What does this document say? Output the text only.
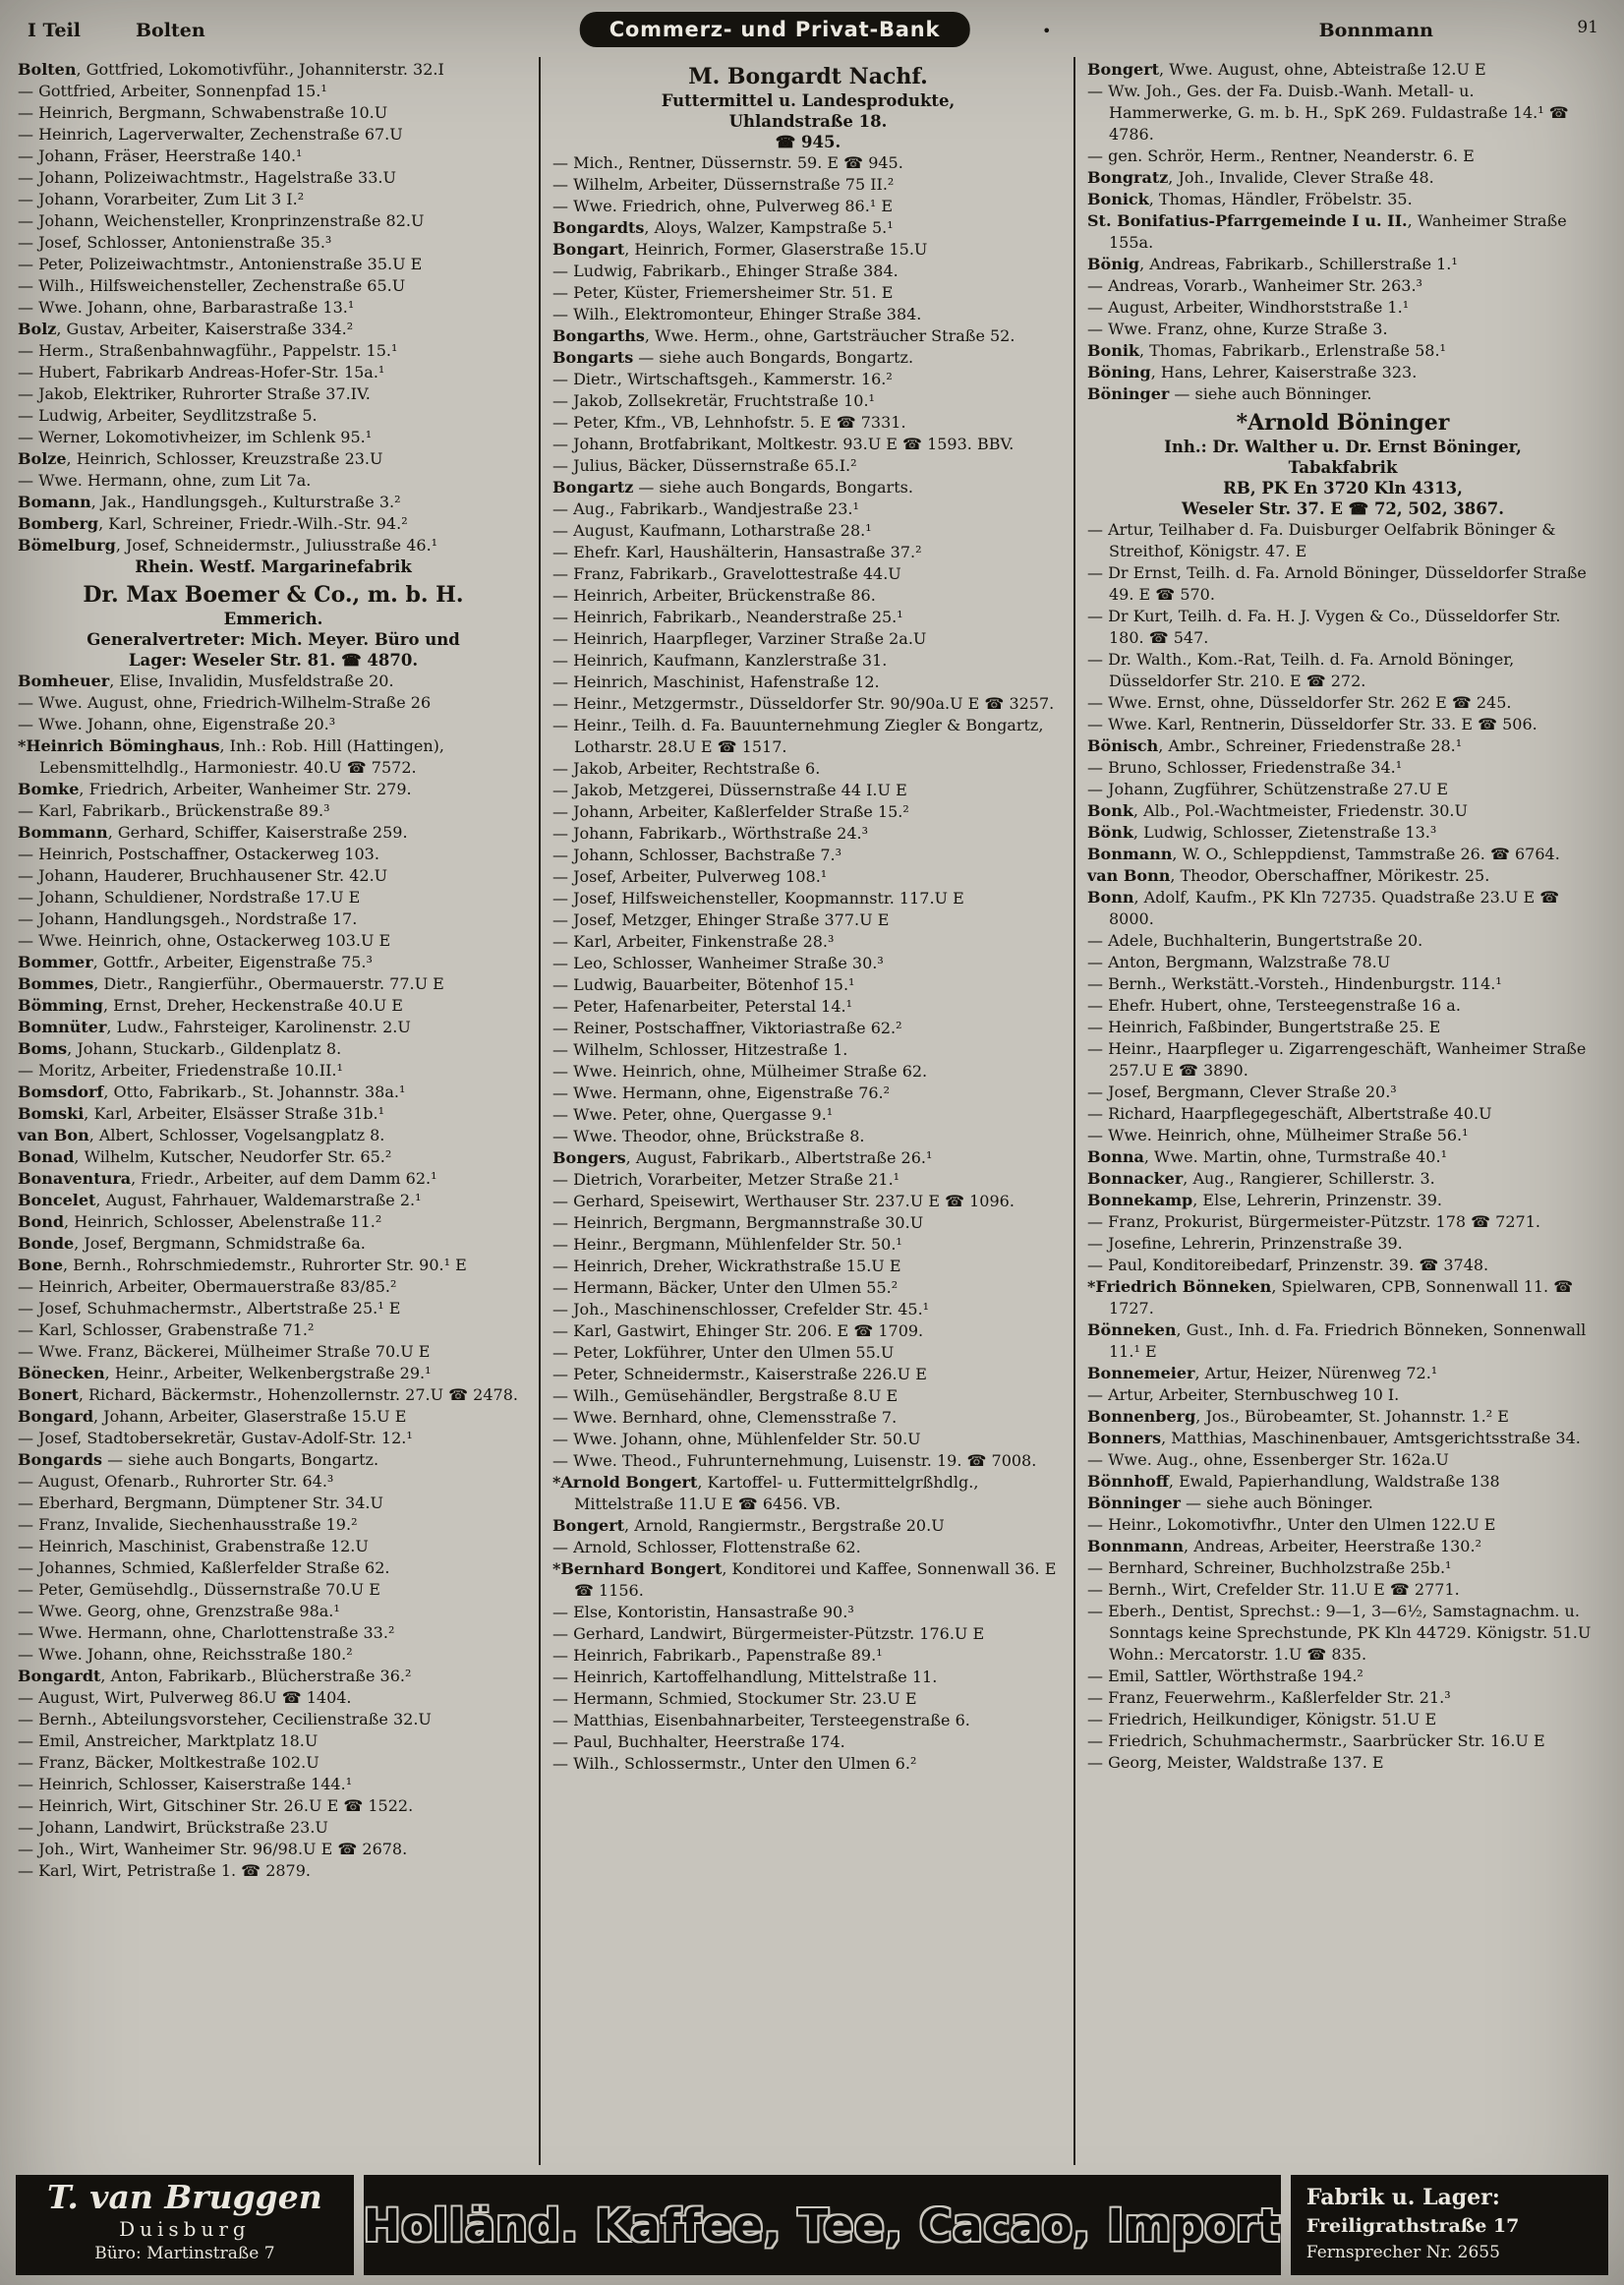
I Teil	Bolten	Commerz- und Privat-Bank	•	Bonnmann	91
Bolten, Gottfried, Lokomotivführ., Johanniterstr. 32.I
— Gottfried, Arbeiter, Sonnenpfad 15.¹
— Heinrich, Bergmann, Schwabenstraße 10.U
— Heinrich, Lagerverwalter, Zechenstraße 67.U
— Johann, Fräser, Heerstraße 140.¹
— Johann, Polizeiwachtmstr., Hagelstraße 33.U
— Johann, Vorarbeiter, Zum Lit 3 I.²
— Johann, Weichensteller, Kronprinzenstraße 82.U
— Josef, Schlosser, Antonienstraße 35.³
— Peter, Polizeiwachtmstr., Antonienstraße 35.U E
— Wilh., Hilfsweichensteller, Zechenstraße 65.U
— Wwe. Johann, ohne, Barbarastraße 13.¹
Bolz, Gustav, Arbeiter, Kaiserstraße 334.²
— Herm., Straßenbahnwagführ., Pappelstr. 15.¹
— Hubert, Fabrikarb Andreas-Hofer-Str. 15a.¹
— Jakob, Elektriker, Ruhrorter Straße 37.IV.
— Ludwig, Arbeiter, Seydlitzstraße 5.
— Werner, Lokomotivheizer, im Schlenk 95.¹
Bolze, Heinrich, Schlosser, Kreuzstraße 23.U
— Wwe. Hermann, ohne, zum Lit 7a.
Bomann, Jak., Handlungsgeh., Kulturstraße 3.²
Bomberg, Karl, Schreiner, Friedr.-Wilh.-Str. 94.²
Bömelburg, Josef, Schneidermstr., Juliusstraße 46.¹
Rhein. Westf. Margarinefabrik
Dr. Max Boemer & Co., m. b. H.
Emmerich.
Generalvertreter: Mich. Meyer. Büro und
Lager: Weseler Str. 81. ☎ 4870.
Bomheuer, Elise, Invalidin, Musfeldstraße 20.
— Wwe. August, ohne, Friedrich-Wilhelm-Straße 26
— Wwe. Johann, ohne, Eigenstraße 20.³
*Heinrich Böminghaus, Inh.: Rob. Hill (Hattingen), Lebensmittelhdlg., Harmoniestr. 40.U ☎ 7572.
Bomke, Friedrich, Arbeiter, Wanheimer Str. 279.
— Karl, Fabrikarb., Brückenstraße 89.³
Bommann, Gerhard, Schiffer, Kaiserstraße 259.
— Heinrich, Postschaffner, Ostackerweg 103.
— Johann, Hauderer, Bruchhausener Str. 42.U
— Johann, Schuldiener, Nordstraße 17.U E
— Johann, Handlungsgeh., Nordstraße 17.
— Wwe. Heinrich, ohne, Ostackerweg 103.U E
Bommer, Gottfr., Arbeiter, Eigenstraße 75.³
Bommes, Dietr., Rangierführ., Obermauerstr. 77.U E
Bömming, Ernst, Dreher, Heckenstraße 40.U E
Bomnüter, Ludw., Fahrsteiger, Karolinenstr. 2.U
Boms, Johann, Stuckarb., Gildenplatz 8.
— Moritz, Arbeiter, Friedenstraße 10.II.¹
Bomsdorf, Otto, Fabrikarb., St. Johannstr. 38a.¹
Bomski, Karl, Arbeiter, Elsässer Straße 31b.¹
van Bon, Albert, Schlosser, Vogelsangplatz 8.
Bonad, Wilhelm, Kutscher, Neudorfer Str. 65.²
Bonaventura, Friedr., Arbeiter, auf dem Damm 62.¹
Boncelet, August, Fahrhauer, Waldemarstraße 2.¹
Bond, Heinrich, Schlosser, Abelenstraße 11.²
Bonde, Josef, Bergmann, Schmidstraße 6a.
Bone, Bernh., Rohrschmiedemstr., Ruhrorter Str. 90.¹ E
— Heinrich, Arbeiter, Obermauerstraße 83/85.²
— Josef, Schuhmachermstr., Albertstraße 25.¹ E
— Karl, Schlosser, Grabenstraße 71.²
— Wwe. Franz, Bäckerei, Mülheimer Straße 70.U E
Bönecken, Heinr., Arbeiter, Welkenbergstraße 29.¹
Bonert, Richard, Bäckermstr., Hohenzollernstr. 27.U ☎ 2478.
Bongard, Johann, Arbeiter, Glaserstraße 15.U E
— Josef, Stadtobersekretär, Gustav-Adolf-Str. 12.¹
Bongards — siehe auch Bongarts, Bongartz.
— August, Ofenarb., Ruhrorter Str. 64.³
— Eberhard, Bergmann, Dümptener Str. 34.U
— Franz, Invalide, Siechenhausstraße 19.²
— Heinrich, Maschinist, Grabenstraße 12.U
— Johannes, Schmied, Kaßlerfelder Straße 62.
— Peter, Gemüsehdlg., Düssernstraße 70.U E
— Wwe. Georg, ohne, Grenzstraße 98a.¹
— Wwe. Hermann, ohne, Charlottenstraße 33.²
— Wwe. Johann, ohne, Reichsstraße 180.²
Bongardt, Anton, Fabrikarb., Blücherstraße 36.²
— August, Wirt, Pulverweg 86.U ☎ 1404.
— Bernh., Abteilungsvorsteher, Cecilienstraße 32.U
— Emil, Anstreicher, Marktplatz 18.U
— Franz, Bäcker, Moltkestraße 102.U
— Heinrich, Schlosser, Kaiserstraße 144.¹
— Heinrich, Wirt, Gitschiner Str. 26.U E ☎ 1522.
— Johann, Landwirt, Brückstraße 23.U
— Joh., Wirt, Wanheimer Str. 96/98.U E ☎ 2678.
— Karl, Wirt, Petristraße 1. ☎ 2879.
M. Bongardt Nachf.
Futtermittel u. Landesprodukte,
Uhlandstraße 18.
☎ 945.
— Mich., Rentner, Düssernstr. 59. E ☎ 945.
— Wilhelm, Arbeiter, Düssernstraße 75 II.²
— Wwe. Friedrich, ohne, Pulverweg 86.¹ E
Bongardts, Aloys, Walzer, Kampstraße 5.¹
Bongart, Heinrich, Former, Glaserstraße 15.U
— Ludwig, Fabrikarb., Ehinger Straße 384.
— Peter, Küster, Friemersheimer Str. 51. E
— Wilh., Elektromonteur, Ehinger Straße 384.
Bongarths, Wwe. Herm., ohne, Gartsträucher Straße 52.
Bongarts — siehe auch Bongards, Bongartz.
— Dietr., Wirtschaftsgeh., Kammerstr. 16.²
— Jakob, Zollsekretär, Fruchtstraße 10.¹
— Peter, Kfm., VB, Lehnhofstr. 5. E ☎ 7331.
— Johann, Brotfabrikant, Moltkestr. 93.U E ☎ 1593. BBV.
— Julius, Bäcker, Düssernstraße 65.I.²
Bongartz — siehe auch Bongards, Bongarts.
— Aug., Fabrikarb., Wandjestraße 23.¹
— August, Kaufmann, Lotharstraße 28.¹
— Ehefr. Karl, Haushälterin, Hansastraße 37.²
— Franz, Fabrikarb., Gravelottestraße 44.U
— Heinrich, Arbeiter, Brückenstraße 86.
— Heinrich, Fabrikarb., Neanderstraße 25.¹
— Heinrich, Haarpfleger, Varziner Straße 2a.U
— Heinrich, Kaufmann, Kanzlerstraße 31.
— Heinrich, Maschinist, Hafenstraße 12.
— Heinr., Metzgermstr., Düsseldorfer Str. 90/90a.U E ☎ 3257.
— Heinr., Teilh. d. Fa. Bauunternehmung Ziegler & Bongartz, Lotharstr. 28.U E ☎ 1517.
— Jakob, Arbeiter, Rechtstraße 6.
— Jakob, Metzgerei, Düssernstraße 44 I.U E
— Johann, Arbeiter, Kaßlerfelder Straße 15.²
— Johann, Fabrikarb., Wörthstraße 24.³
— Johann, Schlosser, Bachstraße 7.³
— Josef, Arbeiter, Pulverweg 108.¹
— Josef, Hilfsweichensteller, Koopmannstr. 117.U E
— Josef, Metzger, Ehinger Straße 377.U E
— Karl, Arbeiter, Finkenstraße 28.³
— Leo, Schlosser, Wanheimer Straße 30.³
— Ludwig, Bauarbeiter, Bötenhof 15.¹
— Peter, Hafenarbeiter, Peterstal 14.¹
— Reiner, Postschaffner, Viktoriastraße 62.²
— Wilhelm, Schlosser, Hitzestraße 1.
— Wwe. Heinrich, ohne, Mülheimer Straße 62.
— Wwe. Hermann, ohne, Eigenstraße 76.²
— Wwe. Peter, ohne, Quergasse 9.¹
— Wwe. Theodor, ohne, Brückstraße 8.
Bongers, August, Fabrikarb., Albertstraße 26.¹
— Dietrich, Vorarbeiter, Metzer Straße 21.¹
— Gerhard, Speisewirt, Werthauser Str. 237.U E ☎ 1096.
— Heinrich, Bergmann, Bergmannstraße 30.U
— Heinr., Bergmann, Mühlenfelder Str. 50.¹
— Heinrich, Dreher, Wickrathstraße 15.U E
— Hermann, Bäcker, Unter den Ulmen 55.²
— Joh., Maschinenschlosser, Crefelder Str. 45.¹
— Karl, Gastwirt, Ehinger Str. 206. E ☎ 1709.
— Peter, Lokführer, Unter den Ulmen 55.U
— Peter, Schneidermstr., Kaiserstraße 226.U E
— Wilh., Gemüsehändler, Bergstraße 8.U E
— Wwe. Bernhard, ohne, Clemensstraße 7.
— Wwe. Johann, ohne, Mühlenfelder Str. 50.U
— Wwe. Theod., Fuhrunternehmung, Luisenstr. 19. ☎ 7008.
*Arnold Bongert, Kartoffel- u. Futtermittelgrßhdlg., Mittelstraße 11.U E ☎ 6456. VB.
Bongert, Arnold, Rangiermstr., Bergstraße 20.U
— Arnold, Schlosser, Flottenstraße 62.
*Bernhard Bongert, Konditorei und Kaffee, Sonnenwall 36. E ☎ 1156.
— Else, Kontoristin, Hansastraße 90.³
— Gerhard, Landwirt, Bürgermeister-Pützstr. 176.U E
— Heinrich, Fabrikarb., Papenstraße 89.¹
— Heinrich, Kartoffelhandlung, Mittelstraße 11.
— Hermann, Schmied, Stockumer Str. 23.U E
— Matthias, Eisenbahnarbeiter, Tersteegenstraße 6.
— Paul, Buchhalter, Heerstraße 174.
— Wilh., Schlossermstr., Unter den Ulmen 6.²
Bongert, Wwe. August, ohne, Abteistraße 12.U E
— Ww. Joh., Ges. der Fa. Duisb.-Wanh. Metall- u. Hammerwerke, G. m. b. H., SpK 269. Fuldastraße 14.¹ ☎ 4786.
— gen. Schrör, Herm., Rentner, Neanderstr. 6. E
Bongratz, Joh., Invalide, Clever Straße 48.
Bonick, Thomas, Händler, Fröbelstr. 35.
St. Bonifatius-Pfarrgemeinde I u. II., Wanheimer Straße 155a.
Bönig, Andreas, Fabrikarb., Schillerstraße 1.¹
— Andreas, Vorarb., Wanheimer Str. 263.³
— August, Arbeiter, Windhorststraße 1.¹
— Wwe. Franz, ohne, Kurze Straße 3.
Bonik, Thomas, Fabrikarb., Erlenstraße 58.¹
Böning, Hans, Lehrer, Kaiserstraße 323.
Böninger — siehe auch Bönninger.
*Arnold Böninger
Inh.: Dr. Walther u. Dr. Ernst Böninger,
Tabakfabrik
RB, PK En 3720 Kln 4313,
Weseler Str. 37. E ☎ 72, 502, 3867.
— Artur, Teilhaber d. Fa. Duisburger Oelfabrik Böninger & Streithof, Königstr. 47. E
— Dr Ernst, Teilh. d. Fa. Arnold Böninger, Düsseldorfer Straße 49. E ☎ 570.
— Dr Kurt, Teilh. d. Fa. H. J. Vygen & Co., Düsseldorfer Str. 180. ☎ 547.
— Dr. Walth., Kom.-Rat, Teilh. d. Fa. Arnold Böninger, Düsseldorfer Str. 210. E ☎ 272.
— Wwe. Ernst, ohne, Düsseldorfer Str. 262 E ☎ 245.
— Wwe. Karl, Rentnerin, Düsseldorfer Str. 33. E ☎ 506.
Bönisch, Ambr., Schreiner, Friedenstraße 28.¹
— Bruno, Schlosser, Friedenstraße 34.¹
— Johann, Zugführer, Schützenstraße 27.U E
Bonk, Alb., Pol.-Wachtmeister, Friedenstr. 30.U
Bönk, Ludwig, Schlosser, Zietenstraße 13.³
Bonmann, W. O., Schleppdienst, Tammstraße 26. ☎ 6764.
van Bonn, Theodor, Oberschaffner, Mörikestr. 25.
Bonn, Adolf, Kaufm., PK Kln 72735. Quadstraße 23.U E ☎ 8000.
— Adele, Buchhalterin, Bungertstraße 20.
— Anton, Bergmann, Walzstraße 78.U
— Bernh., Werkstätt.-Vorsteh., Hindenburgstr. 114.¹
— Ehefr. Hubert, ohne, Tersteegenstraße 16 a.
— Heinrich, Faßbinder, Bungertstraße 25. E
— Heinr., Haarpfleger u. Zigarrengeschäft, Wanheimer Straße 257.U E ☎ 3890.
— Josef, Bergmann, Clever Straße 20.³
— Richard, Haarpflegegeschäft, Albertstraße 40.U
— Wwe. Heinrich, ohne, Mülheimer Straße 56.¹
Bonna, Wwe. Martin, ohne, Turmstraße 40.¹
Bonnacker, Aug., Rangierer, Schillerstr. 3.
Bonnekamp, Else, Lehrerin, Prinzenstr. 39.
— Franz, Prokurist, Bürgermeister-Pützstr. 178 ☎ 7271.
— Josefine, Lehrerin, Prinzenstraße 39.
— Paul, Konditoreibedarf, Prinzenstr. 39. ☎ 3748.
*Friedrich Bönneken, Spielwaren, CPB, Sonnenwall 11. ☎ 1727.
Bönneken, Gust., Inh. d. Fa. Friedrich Bönneken, Sonnenwall 11.¹ E
Bonnemeier, Artur, Heizer, Nürenweg 72.¹
— Artur, Arbeiter, Sternbuschweg 10 I.
Bonnenberg, Jos., Bürobeamter, St. Johannstr. 1.² E
Bonners, Matthias, Maschinenbauer, Amtsgerichtsstraße 34.
— Wwe. Aug., ohne, Essenberger Str. 162a.U
Bönnhoff, Ewald, Papierhandlung, Waldstraße 138
Bönninger — siehe auch Böninger.
— Heinr., Lokomotivfhr., Unter den Ulmen 122.U E
Bonnmann, Andreas, Arbeiter, Heerstraße 130.²
— Bernhard, Schreiner, Buchholzstraße 25b.¹
— Bernh., Wirt, Crefelder Str. 11.U E ☎ 2771.
— Eberh., Dentist, Sprechst.: 9—1, 3—6½, Samstagnachm. u. Sonntags keine Sprechstunde, PK Kln 44729. Königstr. 51.U Wohn.: Mercatorstr. 1.U ☎ 835.
— Emil, Sattler, Wörthstraße 194.²
— Franz, Feuerwehrm., Kaßlerfelder Str. 21.³
— Friedrich, Heilkundiger, Königstr. 51.U E
— Friedrich, Schuhmachermstr., Saarbrücker Str. 16.U E
— Georg, Meister, Waldstraße 137. E
T. van Bruggen
Duisburg
Büro: Martinstraße 7
Holländ. Kaffee, Tee, Cacao, Import
Fabrik u. Lager:
Freiligrathstraße 17
Fernsprecher Nr. 2655
